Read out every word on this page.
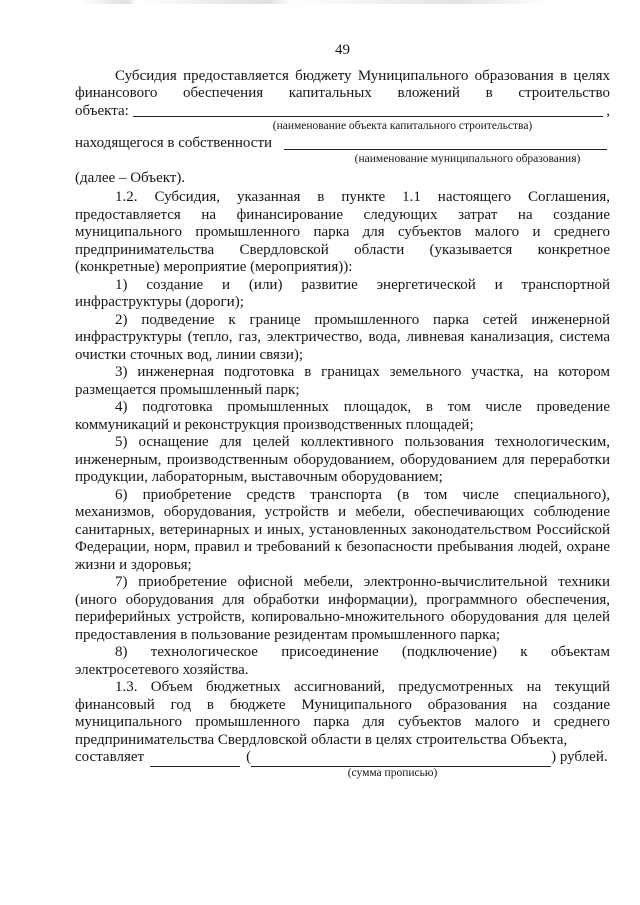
49

Субсидия предоставляется бюджету Муниципального образования в целях

финансового обеспечения капитальных вложений в строительство

объекта:	,
(наименование объекта капитального строительства)
находящегося в собственности
(наименование муниципального образования)

(далее – Объект).

1.2. Субсидия, указанная в пункте 1.1 настоящего Соглашения, предоставляется на финансирование следующих затрат на создание муниципального промышленного парка для субъектов малого и среднего предпринимательства Свердловской области (указывается конкретное (конкретные) мероприятие (мероприятия)):

1) создание и (или) развитие энергетической и транспортной инфраструктуры (дороги);

2) подведение к границе промышленного парка сетей инженерной инфраструктуры (тепло, газ, электричество, вода, ливневая канализация, система очистки сточных вод, линии связи);

3) инженерная подготовка в границах земельного участка, на котором размещается промышленный парк;

4) подготовка промышленных площадок, в том числе проведение коммуникаций и реконструкция производственных площадей;

5) оснащение для целей коллективного пользования технологическим, инженерным, производственным оборудованием, оборудованием для переработки продукции, лабораторным, выставочным оборудованием;

6) приобретение средств транспорта (в том числе специального), механизмов, оборудования, устройств и мебели, обеспечивающих соблюдение санитарных, ветеринарных и иных, установленных законодательством Российской Федерации, норм, правил и требований к безопасности пребывания людей, охране жизни и здоровья;

7) приобретение офисной мебели, электронно-вычислительной техники (иного оборудования для обработки информации), программного обеспечения, периферийных устройств, копировально-множительного оборудования для целей предоставления в пользование резидентам промышленного парка;

8) технологическое присоединение (подключение) к объектам электросетевого хозяйства.

1.3. Объем бюджетных ассигнований, предусмотренных на текущий финансовый год в бюджете Муниципального образования на создание муниципального промышленного парка для субъектов малого и среднего предпринимательства Свердловской области в целях строительства Объекта,

составляет	(	) рублей.
(сумма прописью)
